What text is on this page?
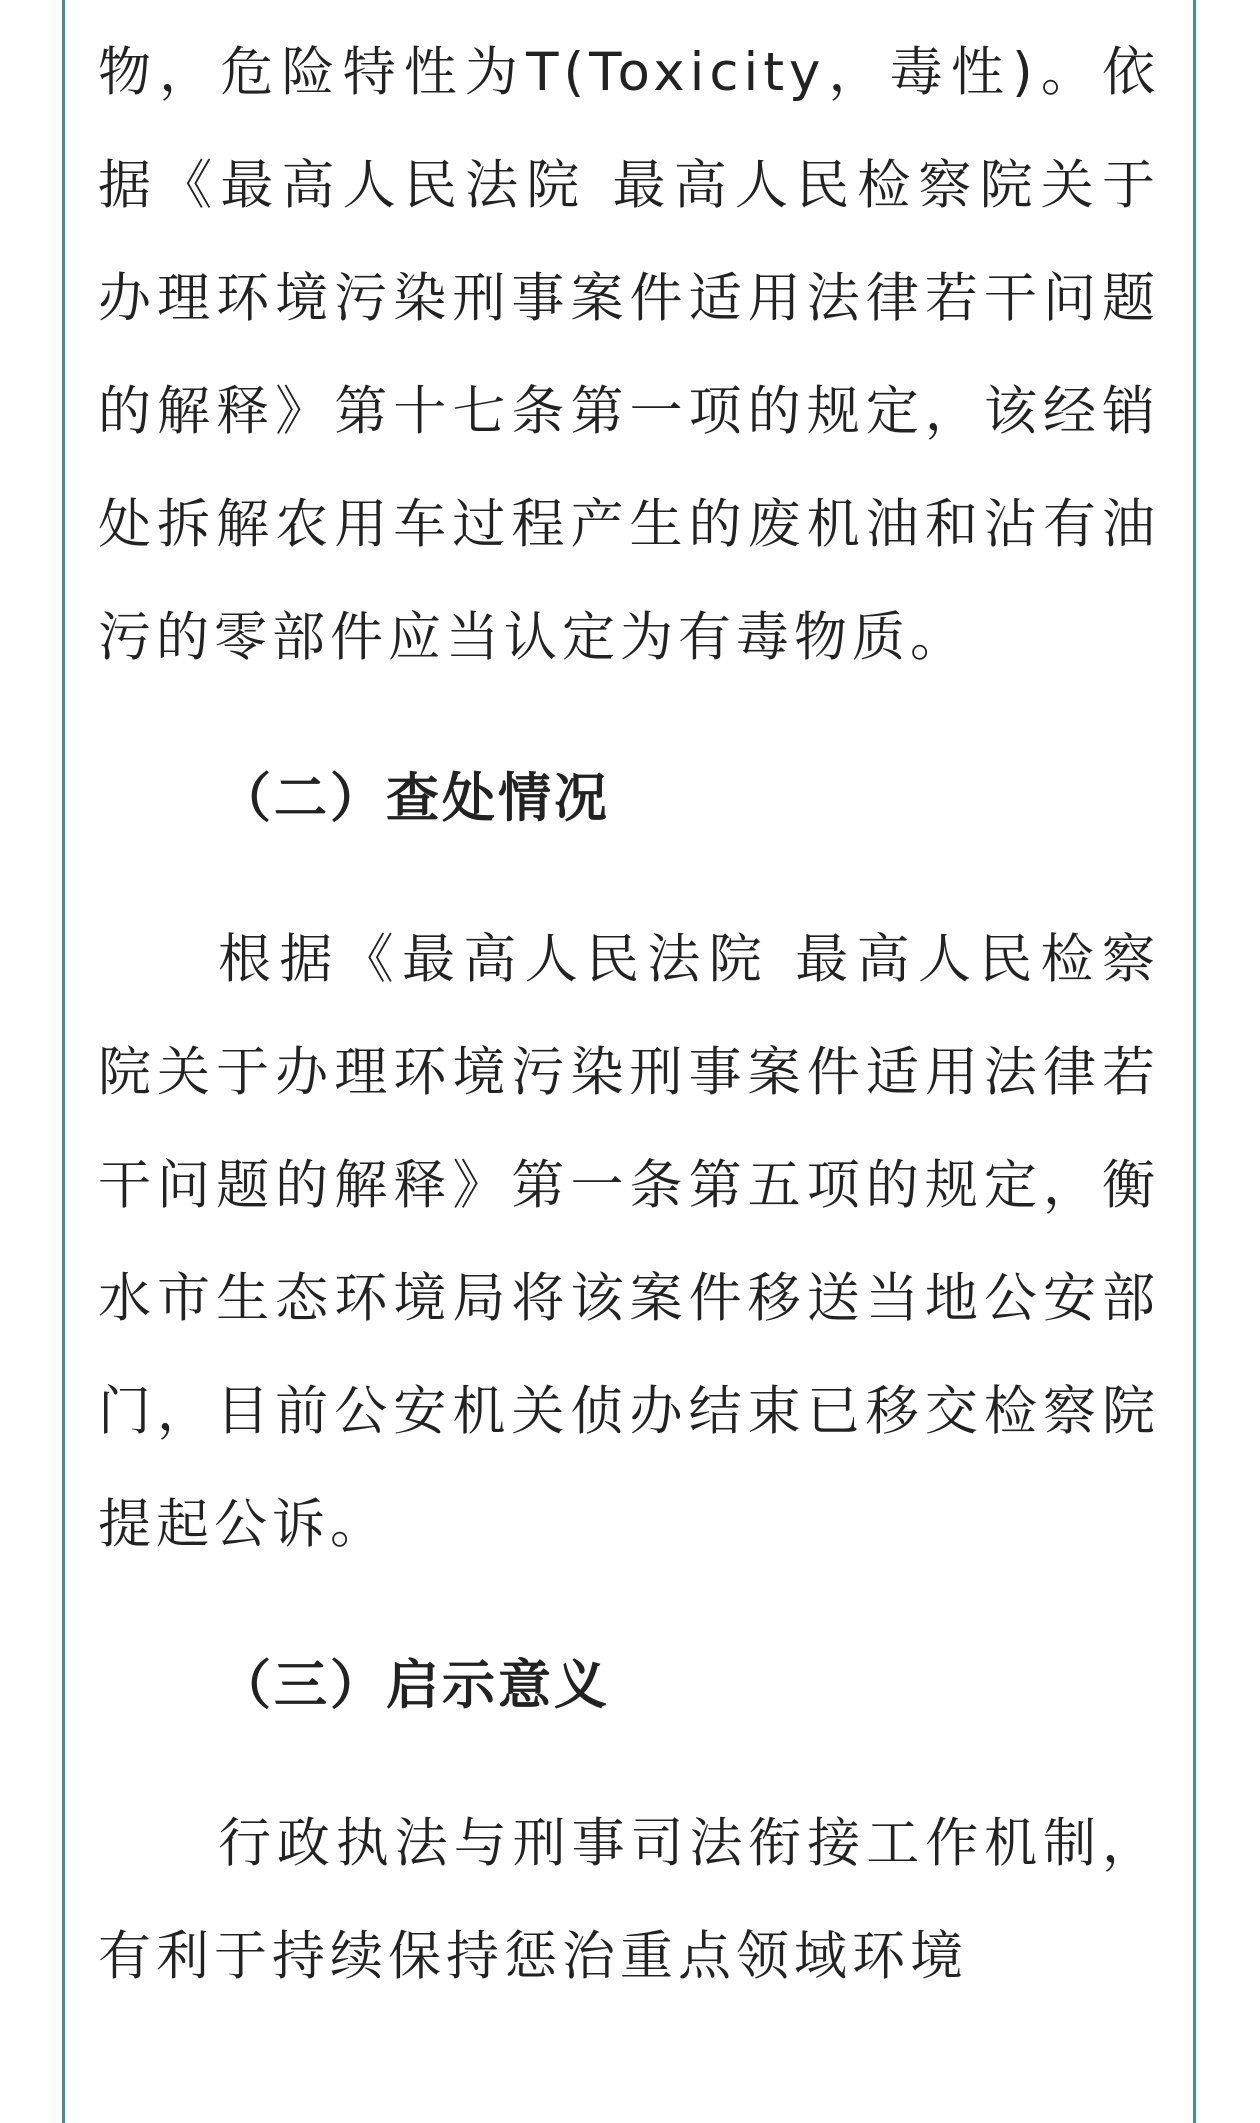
物，危险特性为T(Toxicity，毒性)。依据《最高人民法院 最高人民检察院关于办理环境污染刑事案件适用法律若干问题的解释》第十七条第一项的规定，该经销处拆解农用车过程产生的废机油和沾有油污的零部件应当认定为有毒物质。

（二）查处情况

根据《最高人民法院 最高人民检察院关于办理环境污染刑事案件适用法律若干问题的解释》第一条第五项的规定，衡水市生态环境局将该案件移送当地公安部门，目前公安机关侦办结束已移交检察院提起公诉。

（三）启示意义

行政执法与刑事司法衔接工作机制，有利于持续保持惩治重点领域环境
